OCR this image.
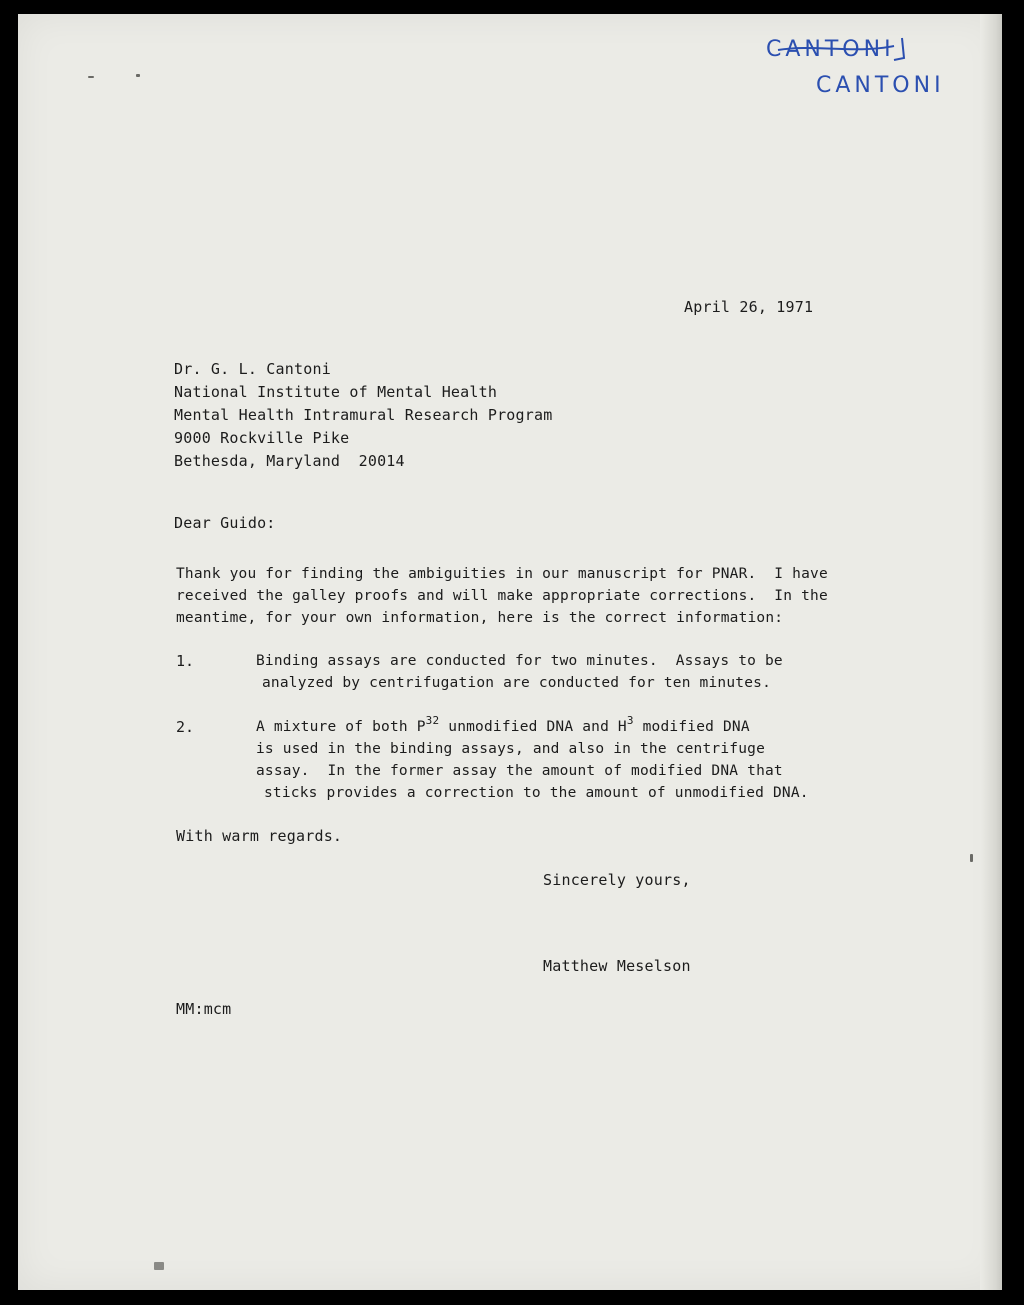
CANTONI
CANTONI

April 26, 1971

Dr. G. L. Cantoni

National Institute of Mental Health

Mental Health Intramural Research Program

9000 Rockville Pike

Bethesda, Maryland  20014

Dear Guido:

Thank you for finding the ambiguities in our manuscript for PNAR.  I have

received the galley proofs and will make appropriate corrections.  In the

meantime, for your own information, here is the correct information:

1.	Binding assays are conducted for two minutes.  Assays to be

analyzed by centrifugation are conducted for ten minutes.

2.	A mixture of both $P^{32}$ unmodified DNA and $H^3$ modified DNA

is used in the binding assays, and also in the centrifuge

assay.  In the former assay the amount of modified DNA that

sticks provides a correction to the amount of unmodified DNA.

With warm regards.

Sincerely yours,

Matthew Meselson

MM:mcm
